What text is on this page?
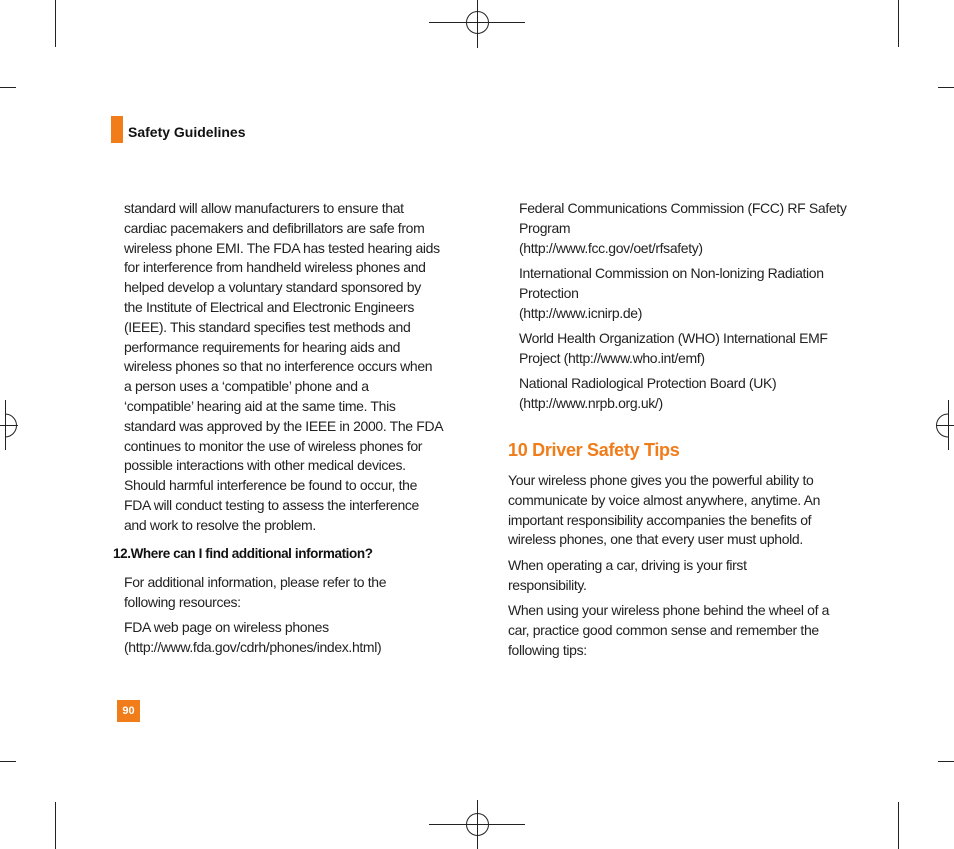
Safety Guidelines
standard will allow manufacturers to ensure that
cardiac pacemakers and defibrillators are safe from
wireless phone EMI. The FDA has tested hearing aids
for interference from handheld wireless phones and
helped develop a voluntary standard sponsored by
the Institute of Electrical and Electronic Engineers
(IEEE). This standard specifies test methods and
performance requirements for hearing aids and
wireless phones so that no interference occurs when
a person uses a ‘compatible’ phone and a
‘compatible’ hearing aid at the same time. This
standard was approved by the IEEE in 2000. The FDA
continues to monitor the use of wireless phones for
possible interactions with other medical devices.
Should harmful interference be found to occur, the
FDA will conduct testing to assess the interference
and work to resolve the problem.
12.Where can I find additional information?
For additional information, please refer to the
following resources:
FDA web page on wireless phones
(http://www.fda.gov/cdrh/phones/index.html)
Federal Communications Commission (FCC) RF Safety
Program
(http://www.fcc.gov/oet/rfsafety)
International Commission on Non-lonizing Radiation
Protection
(http://www.icnirp.de)
World Health Organization (WHO) International EMF
Project (http://www.who.int/emf)
National Radiological Protection Board (UK)
(http://www.nrpb.org.uk/)
10 Driver Safety Tips
Your wireless phone gives you the powerful ability to
communicate by voice almost anywhere, anytime. An
important responsibility accompanies the benefits of
wireless phones, one that every user must uphold.
When operating a car, driving is your first
responsibility.
When using your wireless phone behind the wheel of a
car, practice good common sense and remember the
following tips:
90
